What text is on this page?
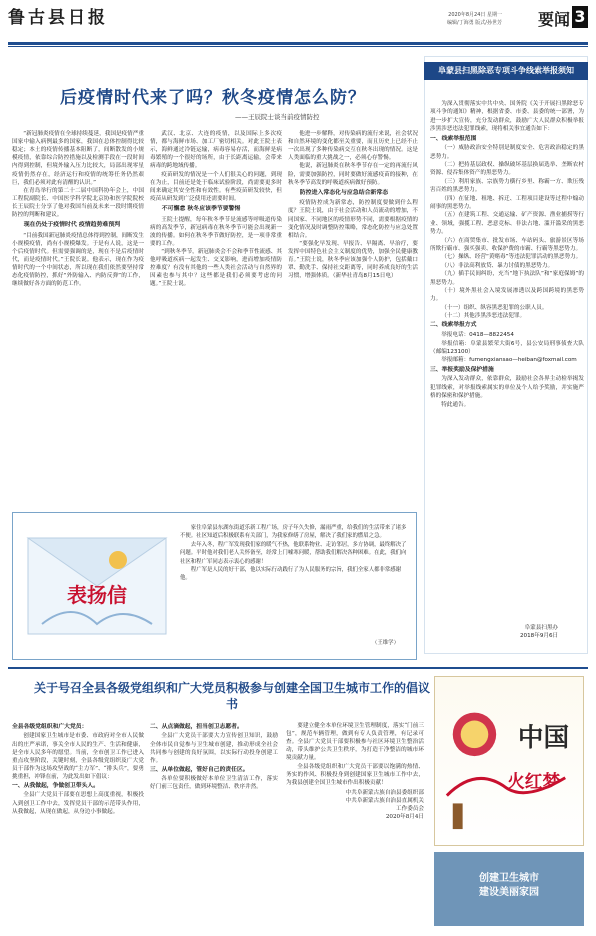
鲁古县日报	2020年8月24日 星期一
编辑/丁海勇 版式/孙世芳 要闻 3
后疫情时代来了吗？秋冬疫情怎么防？
——王辰院士谈当前疫情防控

“新冠肺炎疫情在全球持续蔓延，我国是疫情严重国家中输入病例最多的国家，我国在总体控制得比较稳定；本土的疫情传播基本阻断了，间断散发的小规模疫情，依靠综合防控措施以及检测手段在一段时间内得到控制，但境外输入压力比较大，局部出现零星疫情仍然存在，经济运行和疫情的统筹任务仍然艰巨，我们必须对此有清醒的认识。”

在青岛举行的第二十二届中国科协年会上，中国工程院副院长、中国医学科学院北京协和医学院院校长王辰院士分享了他对我国当前及未来一段时期疫情防控的判断和建议。

现在仍处于疫情时代 疫情趋势难预判

“目前我国新冠肺炎疫情总体得到控制，间断发生小规模疫情，尚有小规模爆发。于是有人说，这是一个后疫情时代。但需要强调的是，现在不是后疫情时代，而是疫情时代。”王院长说。他表示，现在作为疫情时代的一个中间状态，所以现在我们依然要坚持常态化疫情防控，抓好“外防输入、内防反弹”的工作，继续做好各方面的防范工作。

武汉、北京、大连的疫情，以及国际上多次疫情，都与海鲜市场、加工厂密切相关。对此王院士表示，海鲜通过冷链运输，病毒容易存活，而海鲜是病毒繁殖的一个很好的场所，由于长距离运输，会带来病毒的跨地域传播。

疫苗研发的情况是一个人们很关心的问题，到现在为止，目前还是处于临床试验阶段，尚需要更多时间来确定其安全性和有效性。有些疫苗研发较快，但疫苗从研发到广泛使用还需要时间。

不可懈怠 秋冬应该季节要警惕

王院士提醒，每年秋冬季节是流感等呼吸道传染病的高发季节，新冠病毒在秋冬季节可能会出现新一波的传播。如何在秋冬季节做好防控，是一项非常重要的工作。

“到秋冬季节，新冠肺炎会不会和季节性流感、其他呼吸道疾病一起发生、交叉影响，进而增加疫情防控难度？有没有其他的一些人类社会活动与自然界的因素也参与其中？这些都是我们必须要考虑的问题。”王院士说。

他进一步解释，对传染病的流行来说，社会状况和自然环境的变化都至关重要，而且历史上已经不止一次出现了多种传染病交互在秋冬出现的情况。这是人类面临的重大挑战之一，必须心存警惕。

他说，新冠肺炎在秋冬季节存在一定的再流行风险，需要加强防控，同时要做好流感疫苗的接种，在秋冬季节高发的呼吸道疾病做好预防。

防控进入常态化与应急结合新常态

疫情防控成为新常态，防控制度要做到什么程度？王院士说，由于社会活动和人员流动的增加，不同国家、不同地区的疫情形势不同，需要根据疫情的变化情况及时调整防控策略，常态化防控与应急处置相结合。

“要强化早发现、早报告、早隔离、早治疗，要发挥中国特色社会主义制度的优势，加强全民健康教育。”王院士说，秋冬季应该加强个人防护，包括戴口罩、勤洗手、保持社交距离等，同时养成良好的生活习惯，增强体质。（新华社青岛8月15日电）

表扬信

家住阜蒙县东湖东街道乐新工程广场，房子年久失修，漏雨严重，给我们的生活带来了诸多不便。社区知道后积极联系有关部门，为我家修缮了房屋，解决了我们家的燃眉之急。

去年入冬，程广军发现我们家的暖气不热，他联系物业、走访邻居，多方协调，最终解决了问题。平时他对我们老人关怀备至，经常上门嘘寒问暖，帮助我们解决各种困难。在此，我们向社区和程广军同志表示衷心的感谢！

程广军是人民的好干部，他以实际行动践行了为人民服务的宗旨，我们全家人都非常感谢他。

（王维学）
阜蒙县扫黑除恶专项斗争线索举报须知

为深入贯彻落实中共中央、国务院《关于开展扫黑除恶专项斗争的通知》精神，根据省委、市委、县委的统一部署，为进一步扩大宣传，充分发动群众，鼓励广大人民群众积极举报涉黑涉恶违法犯罪线索，现将相关事宜通告如下：

一、线索举报范围

（一）威胁政治安全特别是制度安全、危害政治稳定的黑恶势力。

（二）把持基层政权、操纵破坏基层换届选举、垄断农村资源、侵吞集体资产的黑恶势力。

（三）利用家族、宗族势力横行乡里、称霸一方、欺压残害百姓的黑恶势力。

（四）在征地、租地、拆迁、工程项目建设等过程中煽动闹事的黑恶势力。

（五）在建筑工程、交通运输、矿产资源、渔业捕捞等行业、领域，强揽工程、恶意竞标、非法占地、滥开滥采的黑恶势力。

（六）在商贸集市、批发市场、车站码头、旅游景区等场所欺行霸市、强买强卖、收保护费的市霸、行霸等黑恶势力。

（七）操纵、经营“黄赌毒”等违法犯罪活动的黑恶势力。

（八）非法高利放贷、暴力讨债的黑恶势力。

（九）插手民间纠纷，充当“地下执法队”和“家庭保姆”的黑恶势力。

（十）境外黑社会入境发展渗透以及跨国跨境的黑恶势力。

（十一）组织、纵容黑恶犯罪的公职人员。

（十二）其他涉黑涉恶违法犯罪。

二、线索举报方式

举报电话：0418—8822454

举报信箱：阜蒙县繁荣大街6号，县公安局刑事侦查大队（邮编123100）

举报邮箱：fumengxiansao—heiban@foxmail.com

三、举报奖励及保护措施

为深入发动群众，依靠群众，鼓励社会各界主动检举揭发犯罪线索，对举报线索属实的单位及个人给予奖励，并实施严格的保密和保护措施。

特此通告。

阜蒙县扫黑办
2018年9月6日
关于号召全县各级党组织和广大党员积极参与创建全国卫生城市工作的倡议书
全县各级党组织和广大党员：

创建国家卫生城市是市委、市政府对全市人民做出的庄严承诺，事关全市人民的生产、生活和健康，是全市人民多年的愿望。当前，全市创卫工作已进入重点攻坚阶段，关键时刻，全县各级党组织及广大党员干部作为这场攻坚战的“主力军”、“排头兵”，要勇挑重担，冲锋在前，为此发出如下倡议：

一、从我做起，争做创卫带头人。

全县广大党员干部要在思想上高度重视，积极投入到创卫工作中去，发挥党员干部的示范带头作用，从我做起，从现在做起，从身边小事做起。

二、从点滴做起，担当创卫志愿者。

全县广大党员干部要大力宣传创卫知识，鼓励全体市民自觉参与卫生城市创建，推动形成全社会共同参与创建的良好氛围，以实际行动投身创建工作。

三、从单位做起，管好自己的责任区。

各单位要积极做好本单位卫生清洁工作，落实好门前三包责任，做到环境整洁、秩序井然。

要建立健全本单位环境卫生管理制度，落实“门前三包”，规范车辆管理，做到有专人负责管理，有记录可查。全县广大党员干部要积极参与社区环境卫生整治活动，带头维护公共卫生秩序，为打造干净整洁的城市环境贡献力量。

全县各级党组织和广大党员干部要以饱满的热情、务实的作风、积极投身到创建国家卫生城市工作中去，为我县创建全国卫生城市作出积极贡献！

中共阜新蒙古族自治县委组织部
中共阜新蒙古族自治县直属机关
工作委员会
2020年8月4日
中国
火红梦
创建卫生城市
建设美丽家园
